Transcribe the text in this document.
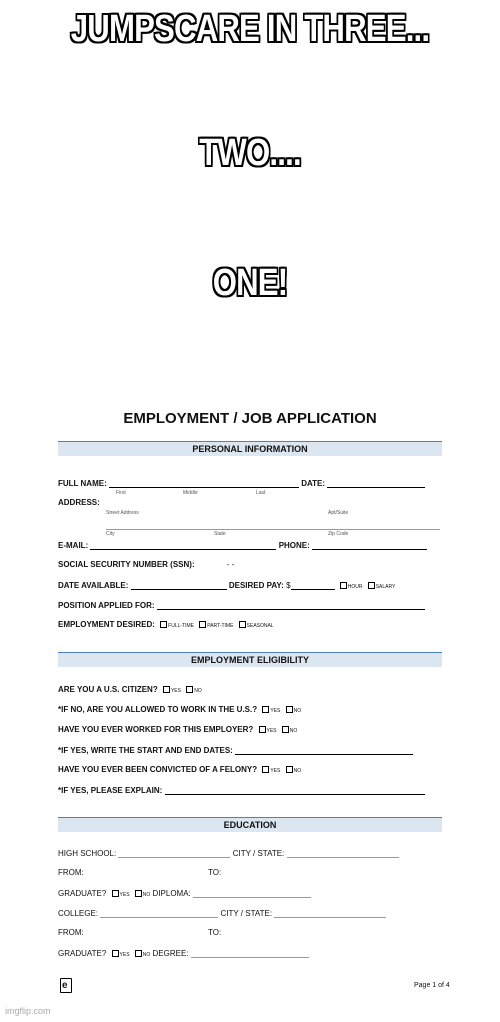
JUMPSCARE IN THREE...
TWO....
ONE!
EMPLOYMENT / JOB APPLICATION
PERSONAL INFORMATION
FULL NAME:	DATE:
First	Middle	Last
ADDRESS:
Street Address	Apt/Suite
City	State	Zip Code
E-MAIL:	PHONE:
SOCIAL SECURITY NUMBER (SSN):	- -
DATE AVAILABLE:	DESIRED PAY: $	HOUR	SALARY
POSITION APPLIED FOR:
EMPLOYMENT DESIRED:	FULL-TIME	PART-TIME	SEASONAL
EMPLOYMENT ELIGIBILITY
ARE YOU A U.S. CITIZEN?	YES	NO
*IF NO, ARE YOU ALLOWED TO WORK IN THE U.S.?	YES	NO
HAVE YOU EVER WORKED FOR THIS EMPLOYER?	YES	NO
*IF YES, WRITE THE START AND END DATES:
HAVE YOU EVER BEEN CONVICTED OF A FELONY?	YES	NO
*IF YES, PLEASE EXPLAIN:
EDUCATION
HIGH SCHOOL:	CITY / STATE:
FROM:	TO:
GRADUATE?	YES	NO DIPLOMA:
COLLEGE:	CITY / STATE:
FROM:	TO:
GRADUATE?	YES	NO DEGREE:
e
Page 1 of 4
imgflip.com
